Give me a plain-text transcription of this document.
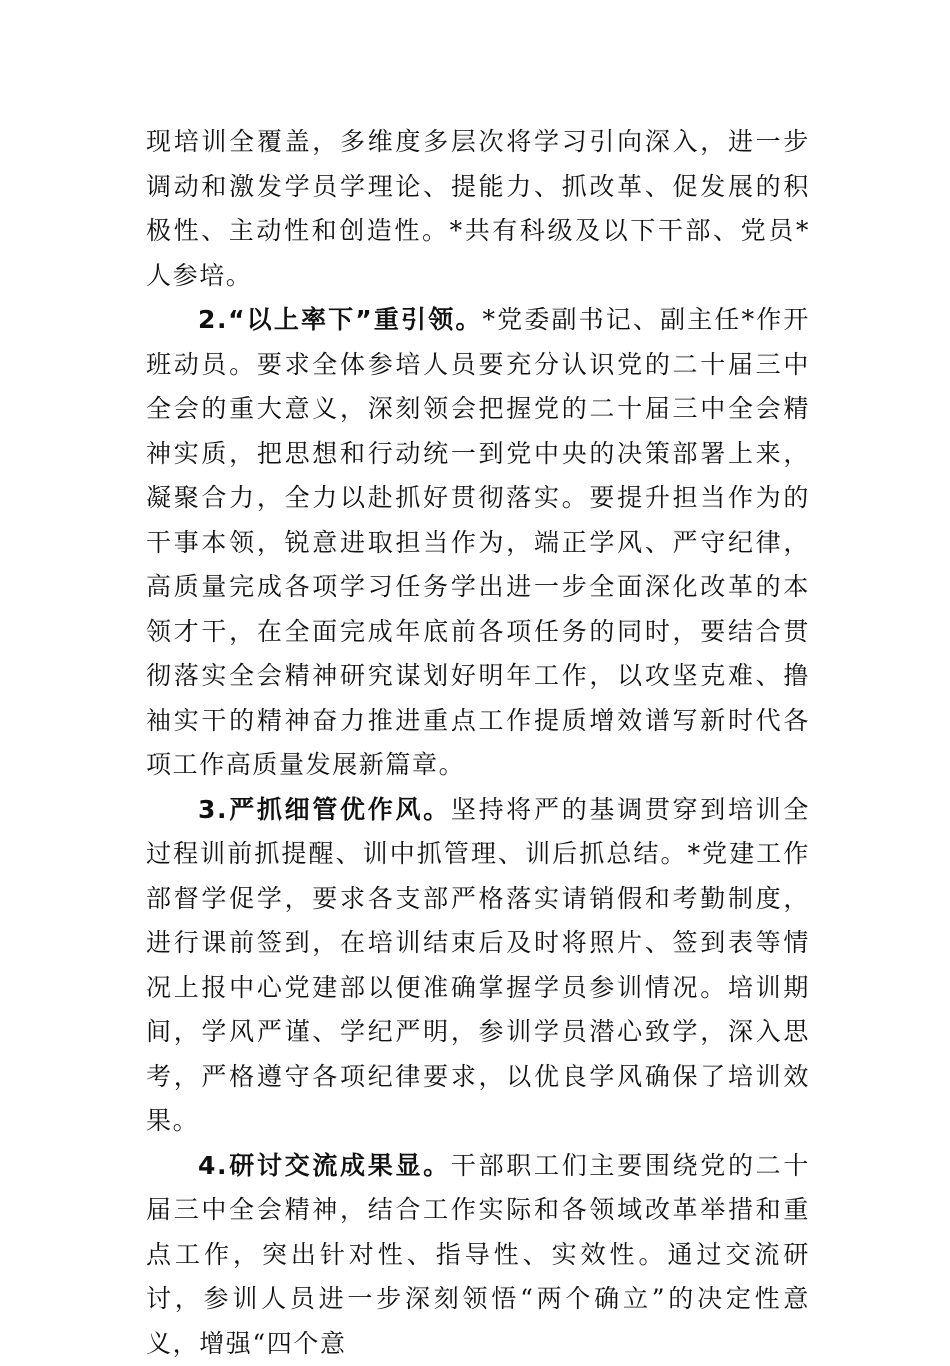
现培训全覆盖，多维度多层次将学习引向深入，进一步调动和激发学员学理论、提能力、抓改革、促发展的积极性、主动性和创造性。*共有科级及以下干部、党员*人参培。

2.“以上率下”重引领。*党委副书记、副主任*作开班动员。要求全体参培人员要充分认识党的二十届三中全会的重大意义，深刻领会把握党的二十届三中全会精神实质，把思想和行动统一到党中央的决策部署上来，凝聚合力，全力以赴抓好贯彻落实。要提升担当作为的干事本领，锐意进取担当作为，端正学风、严守纪律，高质量完成各项学习任务学出进一步全面深化改革的本领才干，在全面完成年底前各项任务的同时，要结合贯彻落实全会精神研究谋划好明年工作，以攻坚克难、撸袖实干的精神奋力推进重点工作提质增效谱写新时代各项工作高质量发展新篇章。

3.严抓细管优作风。坚持将严的基调贯穿到培训全过程训前抓提醒、训中抓管理、训后抓总结。*党建工作部督学促学，要求各支部严格落实请销假和考勤制度，进行课前签到，在培训结束后及时将照片、签到表等情况上报中心党建部以便准确掌握学员参训情况。培训期间，学风严谨、学纪严明，参训学员潜心致学，深入思考，严格遵守各项纪律要求，以优良学风确保了培训效果。

4.研讨交流成果显。干部职工们主要围绕党的二十届三中全会精神，结合工作实际和各领域改革举措和重点工作，突出针对性、指导性、实效性。通过交流研讨，参训人员进一步深刻领悟“两个确立”的决定性意义，增强“四个意
